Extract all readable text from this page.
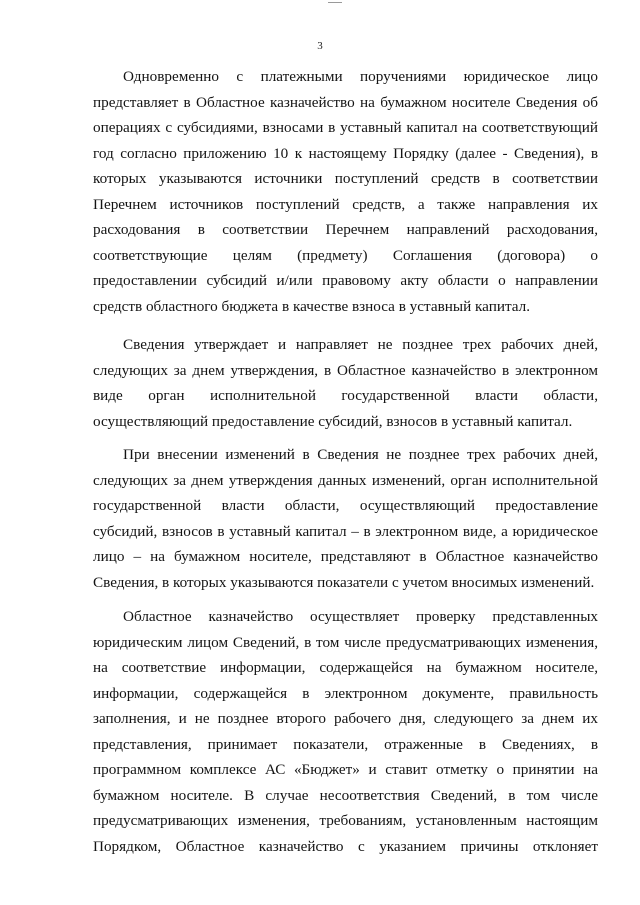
3

Одновременно с платежными поручениями юридическое лицо представляет в Областное казначейство на бумажном носителе Сведения об операциях с субсидиями, взносами в уставный капитал на соответствующий год согласно приложению 10 к настоящему Порядку (далее - Сведения), в которых указываются источники поступлений средств в соответствии Перечнем источников поступлений средств, а также направления их расходования в соответствии Перечнем направлений расходования, соответствующие целям (предмету) Соглашения (договора) о предоставлении субсидий и/или правовому акту области о направлении средств областного бюджета в качестве взноса в уставный капитал.

Сведения утверждает и направляет не позднее трех рабочих дней, следующих за днем утверждения, в Областное казначейство в электронном виде орган исполнительной государственной власти области, осуществляющий предоставление субсидий, взносов в уставный капитал.

При внесении изменений в Сведения не позднее трех рабочих дней, следующих за днем утверждения данных изменений, орган исполнительной государственной власти области, осуществляющий предоставление субсидий, взносов в уставный капитал – в электронном виде, а юридическое лицо – на бумажном носителе, представляют в Областное казначейство Сведения, в которых указываются показатели с учетом вносимых изменений.

Областное казначейство осуществляет проверку представленных юридическим лицом Сведений, в том числе предусматривающих изменения, на соответствие информации, содержащейся на бумажном носителе, информации, содержащейся в электронном документе, правильность заполнения, и не позднее второго рабочего дня, следующего за днем их представления, принимает показатели, отраженные в Сведениях, в программном комплексе АС «Бюджет» и ставит отметку о принятии на бумажном носителе. В случае несоответствия Сведений, в том числе предусматривающих изменения, требованиям, установленным настоящим Порядком, Областное казначейство с указанием причины отклоняет
